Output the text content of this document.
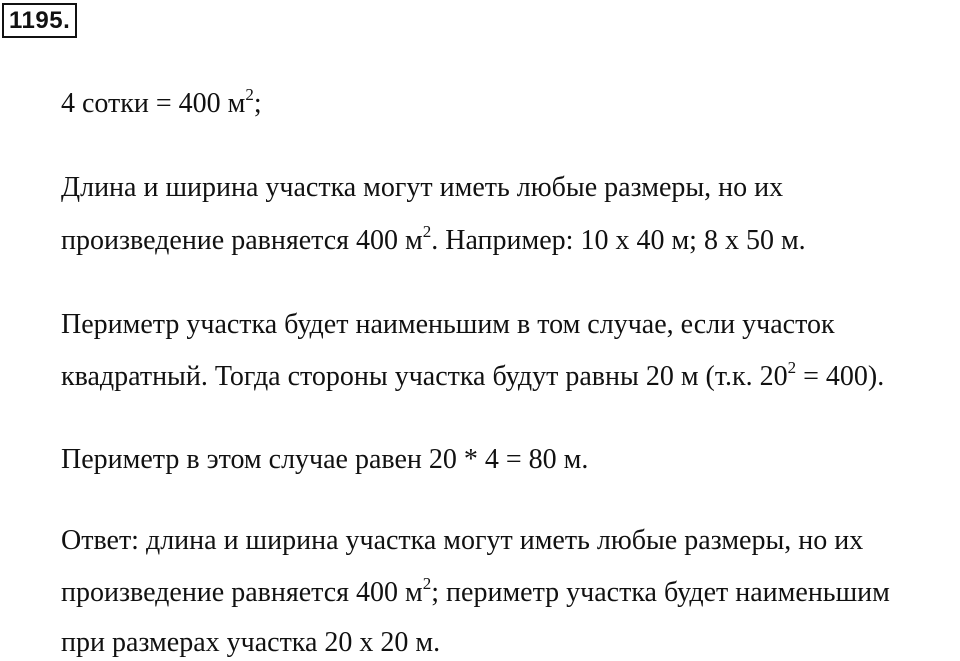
1195.
4 сотки = 400 $м^2$;
Длина и ширина участка могут иметь любые размеры, но их
произведение равняется 400 $м^2$. Например: 10 х 40 м; 8 х 50 м.
Периметр участка будет наименьшим в том случае, если участок
квадратный. Тогда стороны участка будут равны 20 м (т.к. $20^2 = 400$).
Периметр в этом случае равен 20 * 4 = 80 м.
Ответ: длина и ширина участка могут иметь любые размеры, но их
произведение равняется 400 $м^2$; периметр участка будет наименьшим
при размерах участка 20 х 20 м.
